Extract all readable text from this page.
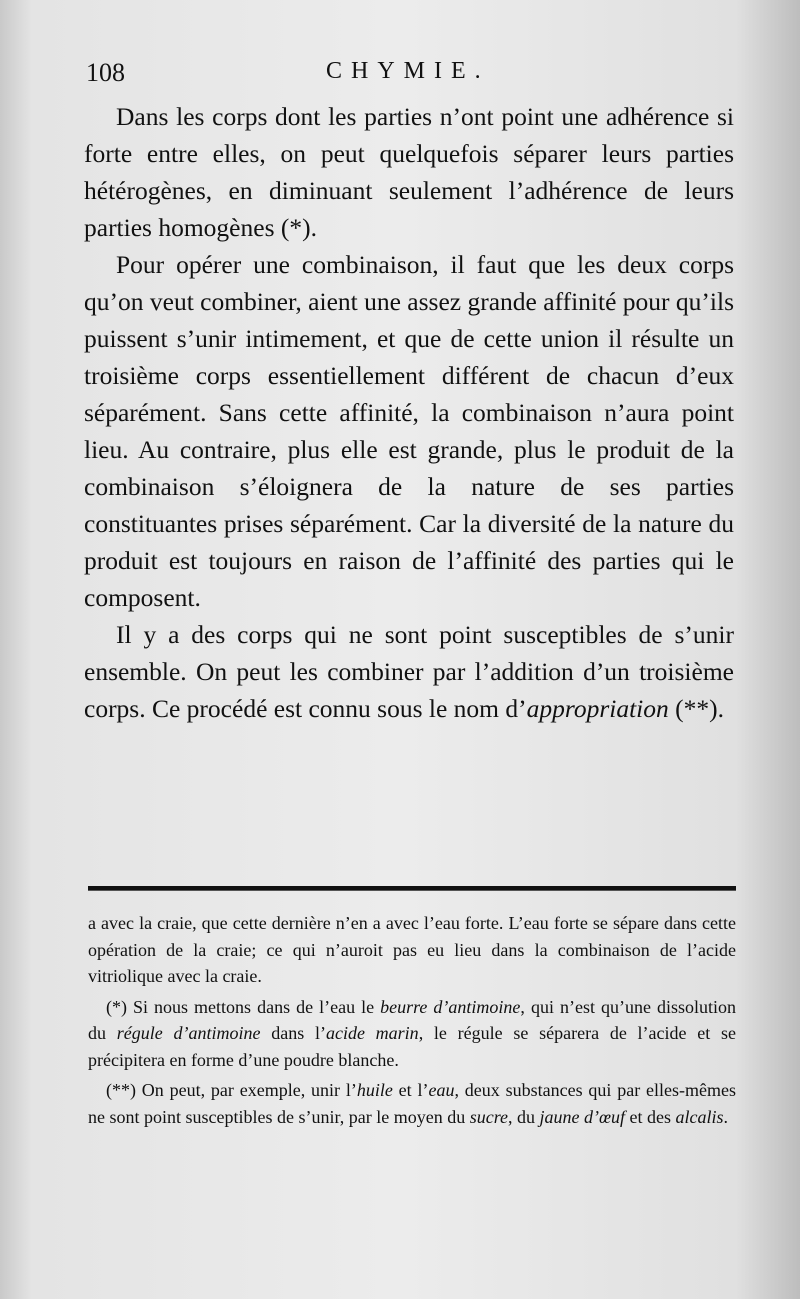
108	CHYMIE.

Dans les corps dont les parties n’ont point une adhérence si forte entre elles, on peut quelquefois séparer leurs parties hétérogènes, en diminuant seulement l’adhérence de leurs parties homogènes (*).

Pour opérer une combinaison, il faut que les deux corps qu’on veut combiner, aient une assez grande affinité pour qu’ils puissent s’unir intimement, et que de cette union il résulte un troisième corps essentiellement différent de chacun d’eux séparément. Sans cette affinité, la combinaison n’aura point lieu. Au contraire, plus elle est grande, plus le produit de la combinaison s’éloignera de la nature de ses parties constituantes prises séparément. Car la diversité de la nature du produit est toujours en raison de l’affinité des parties qui le composent.

Il y a des corps qui ne sont point susceptibles de s’unir ensemble. On peut les combiner par l’addition d’un troisième corps. Ce procédé est connu sous le nom d’appropriation (**).

a avec la craie, que cette dernière n’en a avec l’eau forte. L’eau forte se sépare dans cette opération de la craie; ce qui n’auroit pas eu lieu dans la combinaison de l’acide vitriolique avec la craie.

(*) Si nous mettons dans de l’eau le beurre d’antimoine, qui n’est qu’une dissolution du régule d’antimoine dans l’acide marin, le régule se séparera de l’acide et se précipitera en forme d’une poudre blanche.

(**) On peut, par exemple, unir l’huile et l’eau, deux substances qui par elles-mêmes ne sont point susceptibles de s’unir, par le moyen du sucre, du jaune d’œuf et des alcalis.
